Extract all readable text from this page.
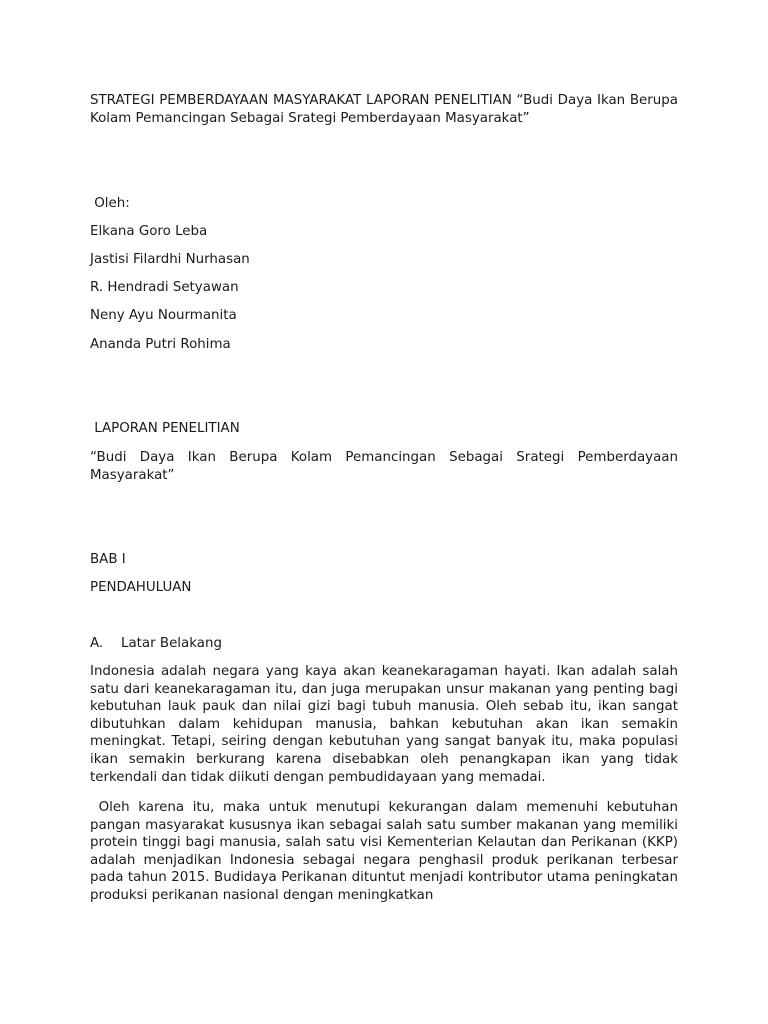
STRATEGI PEMBERDAYAAN MASYARAKAT LAPORAN PENELITIAN “Budi Daya Ikan Berupa Kolam Pemancingan Sebagai Srategi Pemberdayaan Masyarakat”

Oleh:

Elkana Goro Leba

Jastisi Filardhi Nurhasan

R. Hendradi Setyawan

Neny Ayu Nourmanita

Ananda Putri Rohima

LAPORAN PENELITIAN

“Budi Daya Ikan Berupa Kolam Pemancingan Sebagai Srategi Pemberdayaan Masyarakat”

BAB I

PENDAHULUAN

A.	Latar Belakang

Indonesia adalah negara yang kaya akan keanekaragaman hayati. Ikan adalah salah satu dari keanekaragaman itu, dan juga merupakan unsur makanan yang penting bagi kebutuhan lauk pauk dan nilai gizi bagi tubuh manusia. Oleh sebab itu, ikan sangat dibutuhkan dalam kehidupan manusia, bahkan kebutuhan akan ikan semakin meningkat. Tetapi, seiring dengan kebutuhan yang sangat banyak itu, maka populasi ikan semakin berkurang karena disebabkan oleh penangkapan ikan yang tidak terkendali dan tidak diikuti dengan pembudidayaan yang memadai.

Oleh karena itu, maka untuk menutupi kekurangan dalam memenuhi kebutuhan pangan masyarakat kususnya ikan sebagai salah satu sumber makanan yang memiliki protein tinggi bagi manusia, salah satu visi Kementerian Kelautan dan Perikanan (KKP) adalah menjadikan Indonesia sebagai negara penghasil produk perikanan terbesar pada tahun 2015. Budidaya Perikanan dituntut menjadi kontributor utama peningkatan produksi perikanan nasional dengan meningkatkan
